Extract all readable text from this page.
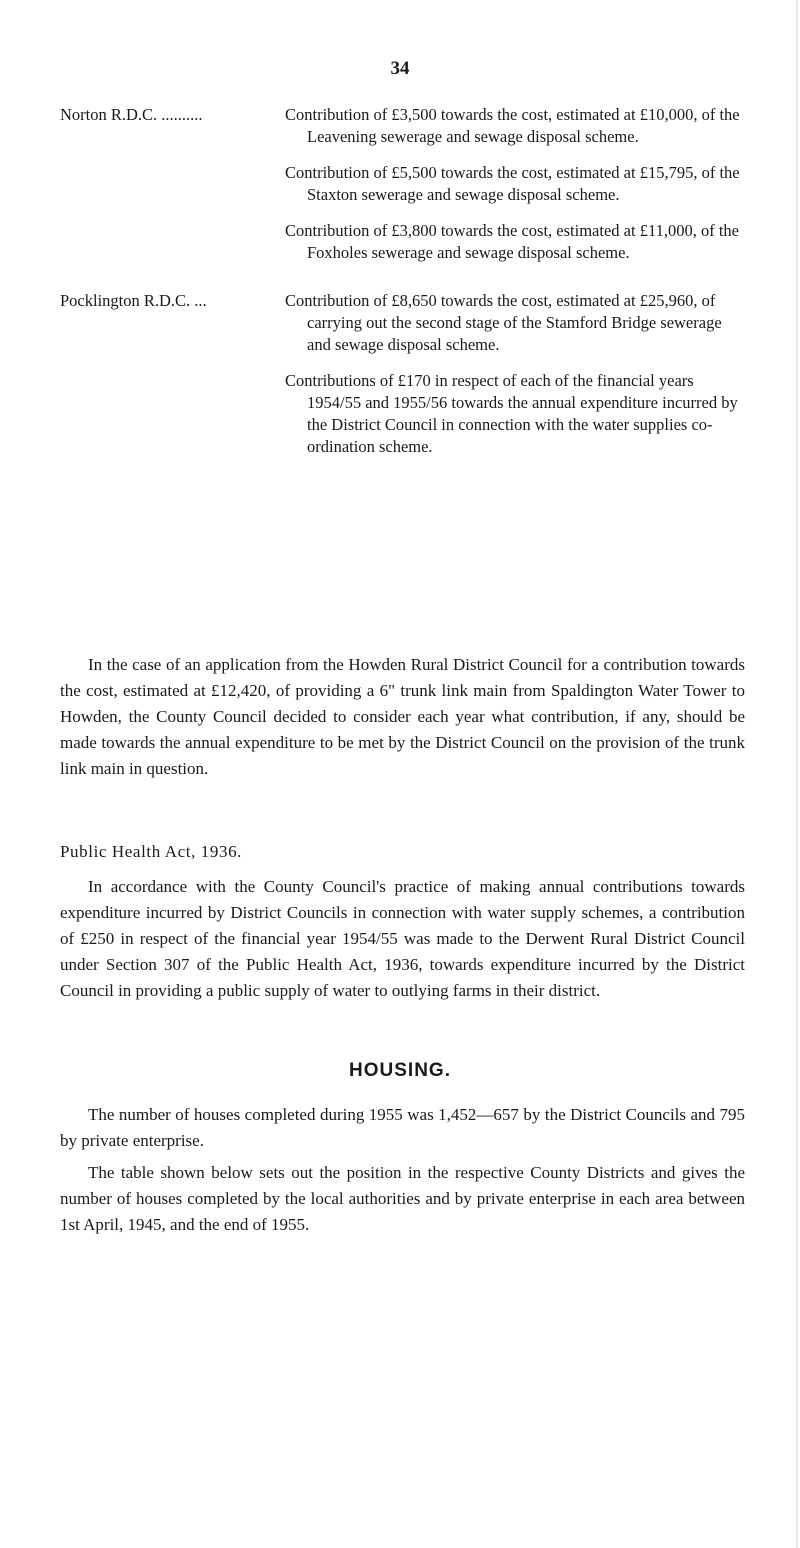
34
Norton R.D.C. ..........	Contribution of £3,500 towards the cost, estimated at £10,000, of the Leavening sewerage and sewage disposal scheme.

Contribution of £5,500 towards the cost, estimated at £15,795, of the Staxton sewerage and sewage disposal scheme.

Contribution of £3,800 towards the cost, estimated at £11,000, of the Foxholes sewerage and sewage disposal scheme.

Pocklington R.D.C. ...	Contribution of £8,650 towards the cost, estimated at £25,960, of carrying out the second stage of the Stamford Bridge sewerage and sewage disposal scheme.

Contributions of £170 in respect of each of the financial years 1954/55 and 1955/56 towards the annual expenditure incurred by the District Council in connection with the water supplies co-ordination scheme.

In the case of an application from the Howden Rural District Council for a contribution towards the cost, estimated at £12,420, of providing a 6" trunk link main from Spaldington Water Tower to Howden, the County Council decided to consider each year what contribution, if any, should be made towards the annual expenditure to be met by the District Council on the provision of the trunk link main in question.

Public Health Act, 1936.

In accordance with the County Council's practice of making annual contributions towards expenditure incurred by District Councils in connection with water supply schemes, a contribution of £250 in respect of the financial year 1954/55 was made to the Derwent Rural District Council under Section 307 of the Public Health Act, 1936, towards expenditure incurred by the District Council in providing a public supply of water to outlying farms in their district.

HOUSING.

The number of houses completed during 1955 was 1,452—657 by the District Councils and 795 by private enterprise.

The table shown below sets out the position in the respective County Districts and gives the number of houses completed by the local authorities and by private enterprise in each area between 1st April, 1945, and the end of 1955.
